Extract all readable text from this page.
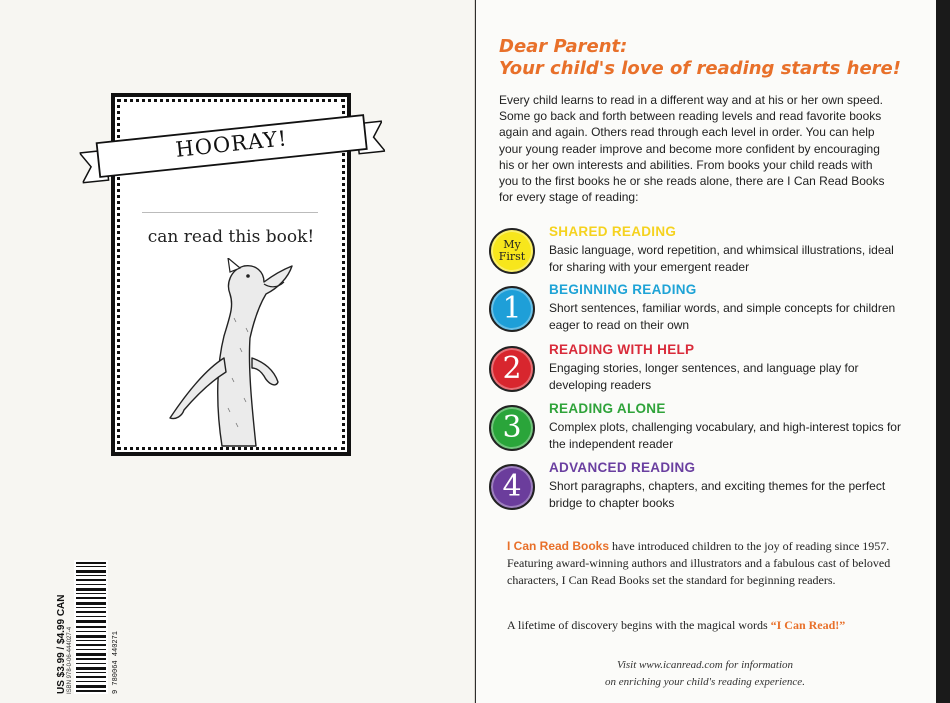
HOORAY!
can read this book!
US $3.99 / $4.99 CAN ISBN 978-0-06-444027-4	9 780064 440271
Dear Parent:
Your child's love of reading starts here!
Every child learns to read in a different way and at his or her own speed. Some go back and forth between reading levels and read favorite books again and again. Others read through each level in order. You can help your young reader improve and become more confident by encouraging his or her own interests and abilities. From books your child reads with you to the first books he or she reads alone, there are I Can Read Books for every stage of reading:
My
First
SHARED READING
Basic language, word repetition, and whimsical illustrations, ideal for sharing with your emergent reader
1
BEGINNING READING
Short sentences, familiar words, and simple concepts for children eager to read on their own
2
READING WITH HELP
Engaging stories, longer sentences, and language play for developing readers
3
READING ALONE
Complex plots, challenging vocabulary, and high-interest topics for the independent reader
4
ADVANCED READING
Short paragraphs, chapters, and exciting themes for the perfect bridge to chapter books
I Can Read Books have introduced children to the joy of reading since 1957. Featuring award-winning authors and illustrators and a fabulous cast of beloved characters, I Can Read Books set the standard for beginning readers.
A lifetime of discovery begins with the magical words “I Can Read!”
Visit www.icanread.com for information
on enriching your child's reading experience.
